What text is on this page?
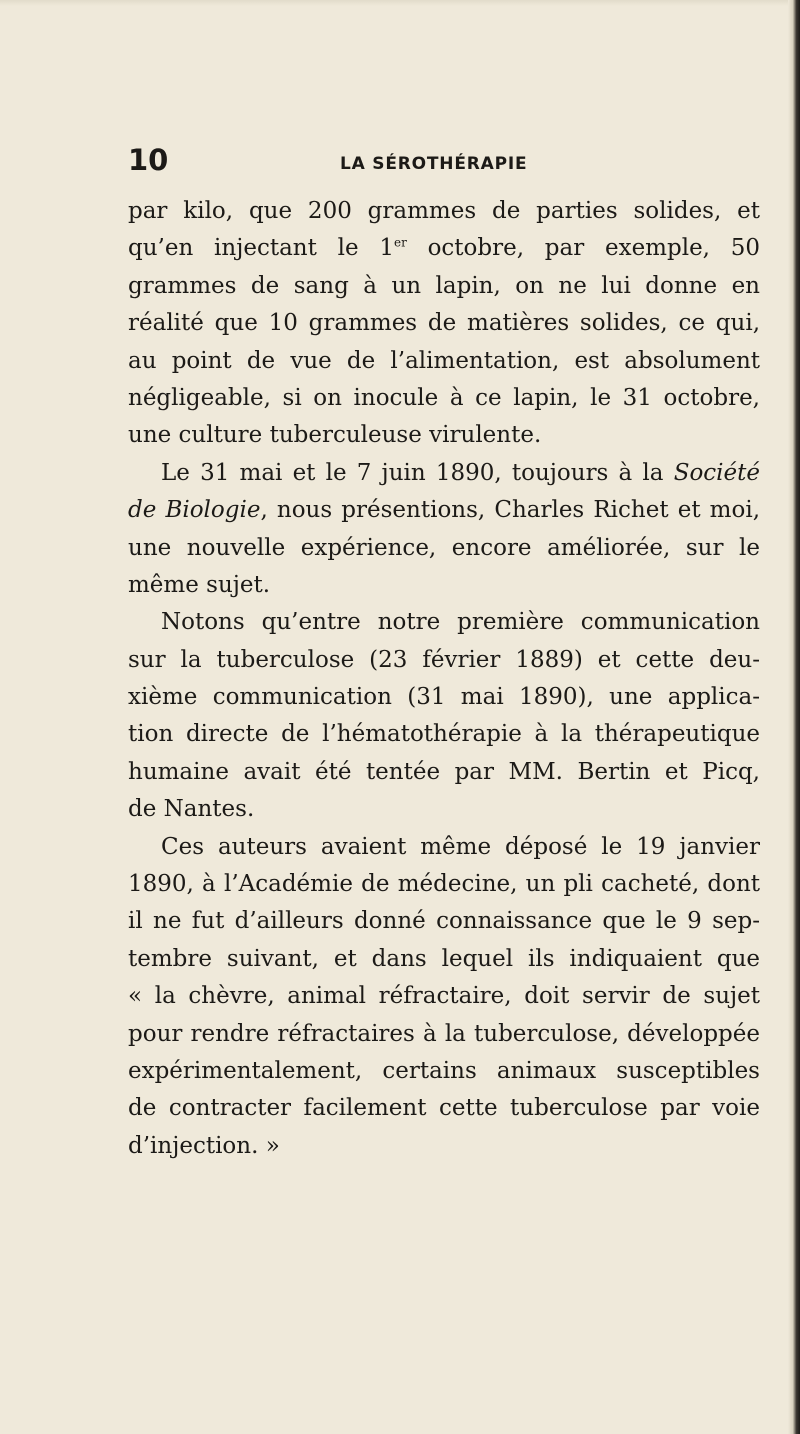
10	LA SÉROTHÉRAPIE
par kilo, que 200 grammes de parties solides, et
qu’en injectant le 1er octobre, par exemple, 50
grammes de sang à un lapin, on ne lui donne en
réalité que 10 grammes de matières solides, ce qui,
au point de vue de l’alimentation, est absolument
négligeable, si on inocule à ce lapin, le 31 octobre,
une culture tuberculeuse virulente.
Le 31 mai et le 7 juin 1890, toujours à la Société
de Biologie, nous présentions, Charles Richet et moi,
une nouvelle expérience, encore améliorée, sur le
même sujet.
Notons qu’entre notre première communication
sur la tuberculose (23 février 1889) et cette deu-
xième communication (31 mai 1890), une applica-
tion directe de l’hématothérapie à la thérapeutique
humaine avait été tentée par MM. Bertin et Picq,
de Nantes.
Ces auteurs avaient même déposé le 19 janvier
1890, à l’Académie de médecine, un pli cacheté, dont
il ne fut d’ailleurs donné connaissance que le 9 sep-
tembre suivant, et dans lequel ils indiquaient que
« la chèvre, animal réfractaire, doit servir de sujet
pour rendre réfractaires à la tuberculose, développée
expérimentalement, certains animaux susceptibles
de contracter facilement cette tuberculose par voie
d’injection. »
